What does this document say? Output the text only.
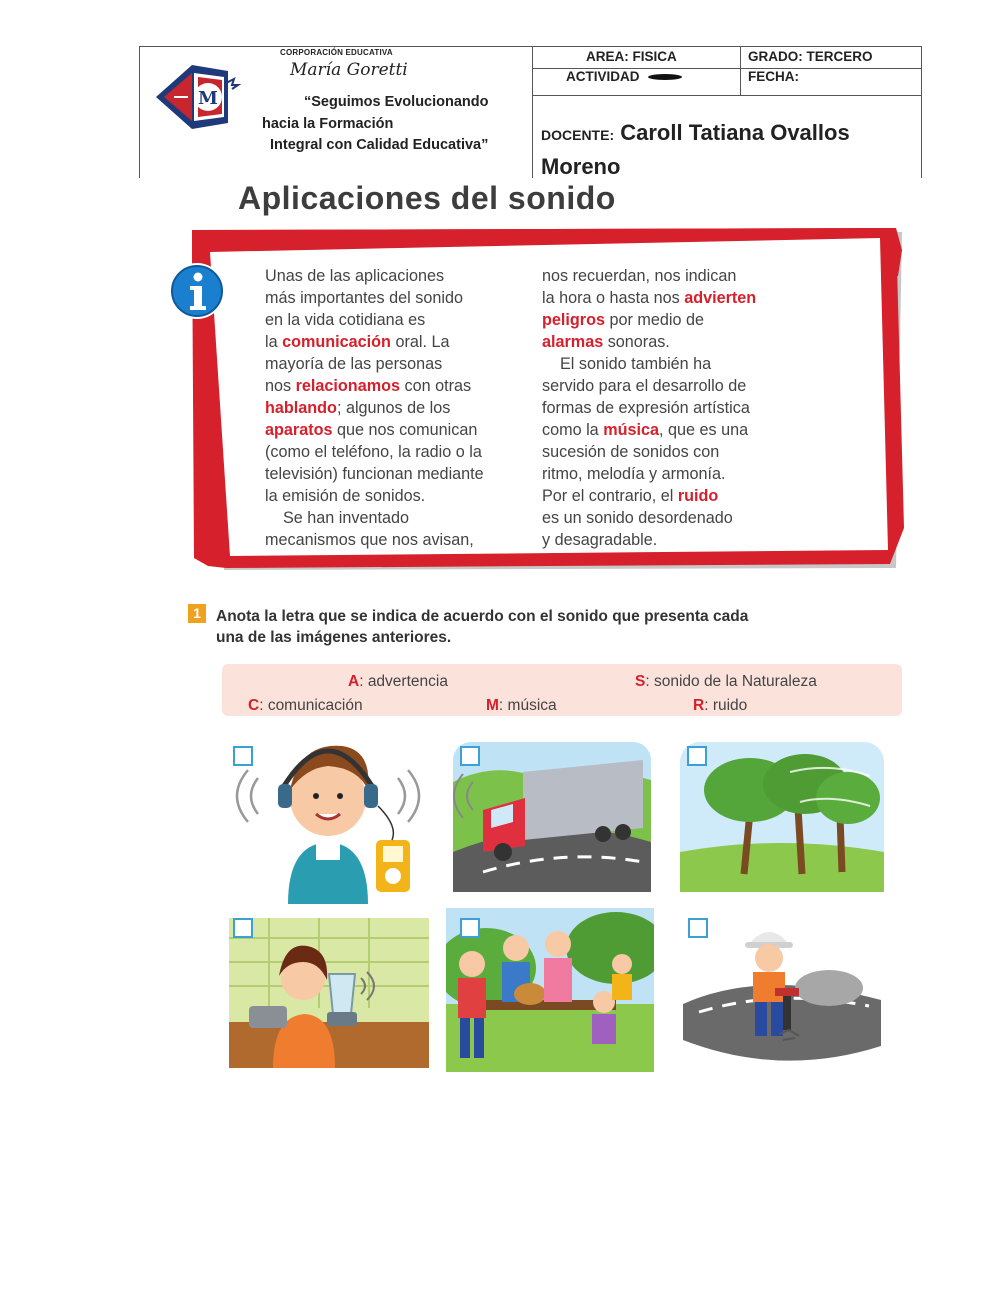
M
CORPORACIÓN EDUCATIVA
María Goretti
“Seguimos Evolucionando
hacia la Formación
Integral con Calidad Educativa”
AREA: FISICA	GRADO: TERCERO
ACTIVIDAD	FECHA:
DOCENTE: Caroll Tatiana Ovallos Moreno
Aplicaciones del sonido
Unas de las aplicaciones
más importantes del sonido
en la vida cotidiana es
la comunicación oral. La
mayoría de las personas
nos relacionamos con otras
hablando; algunos de los
aparatos que nos comunican
(como el teléfono, la radio o la
televisión) funcionan mediante
la emisión de sonidos.
Se han inventado
mecanismos que nos avisan,
nos recuerdan, nos indican
la hora o hasta nos advierten
peligros por medio de
alarmas sonoras.
El sonido también ha
servido para el desarrollo de
formas de expresión artística
como la música, que es una
sucesión de sonidos con
ritmo, melodía y armonía.
Por el contrario, el ruido
es un sonido desordenado
y desagradable.
1 Anota la letra que se indica de acuerdo con el sonido que presenta cada
una de las imágenes anteriores.
A: advertencia	S: sonido de la Naturaleza
C: comunicación	M: música	R: ruido
